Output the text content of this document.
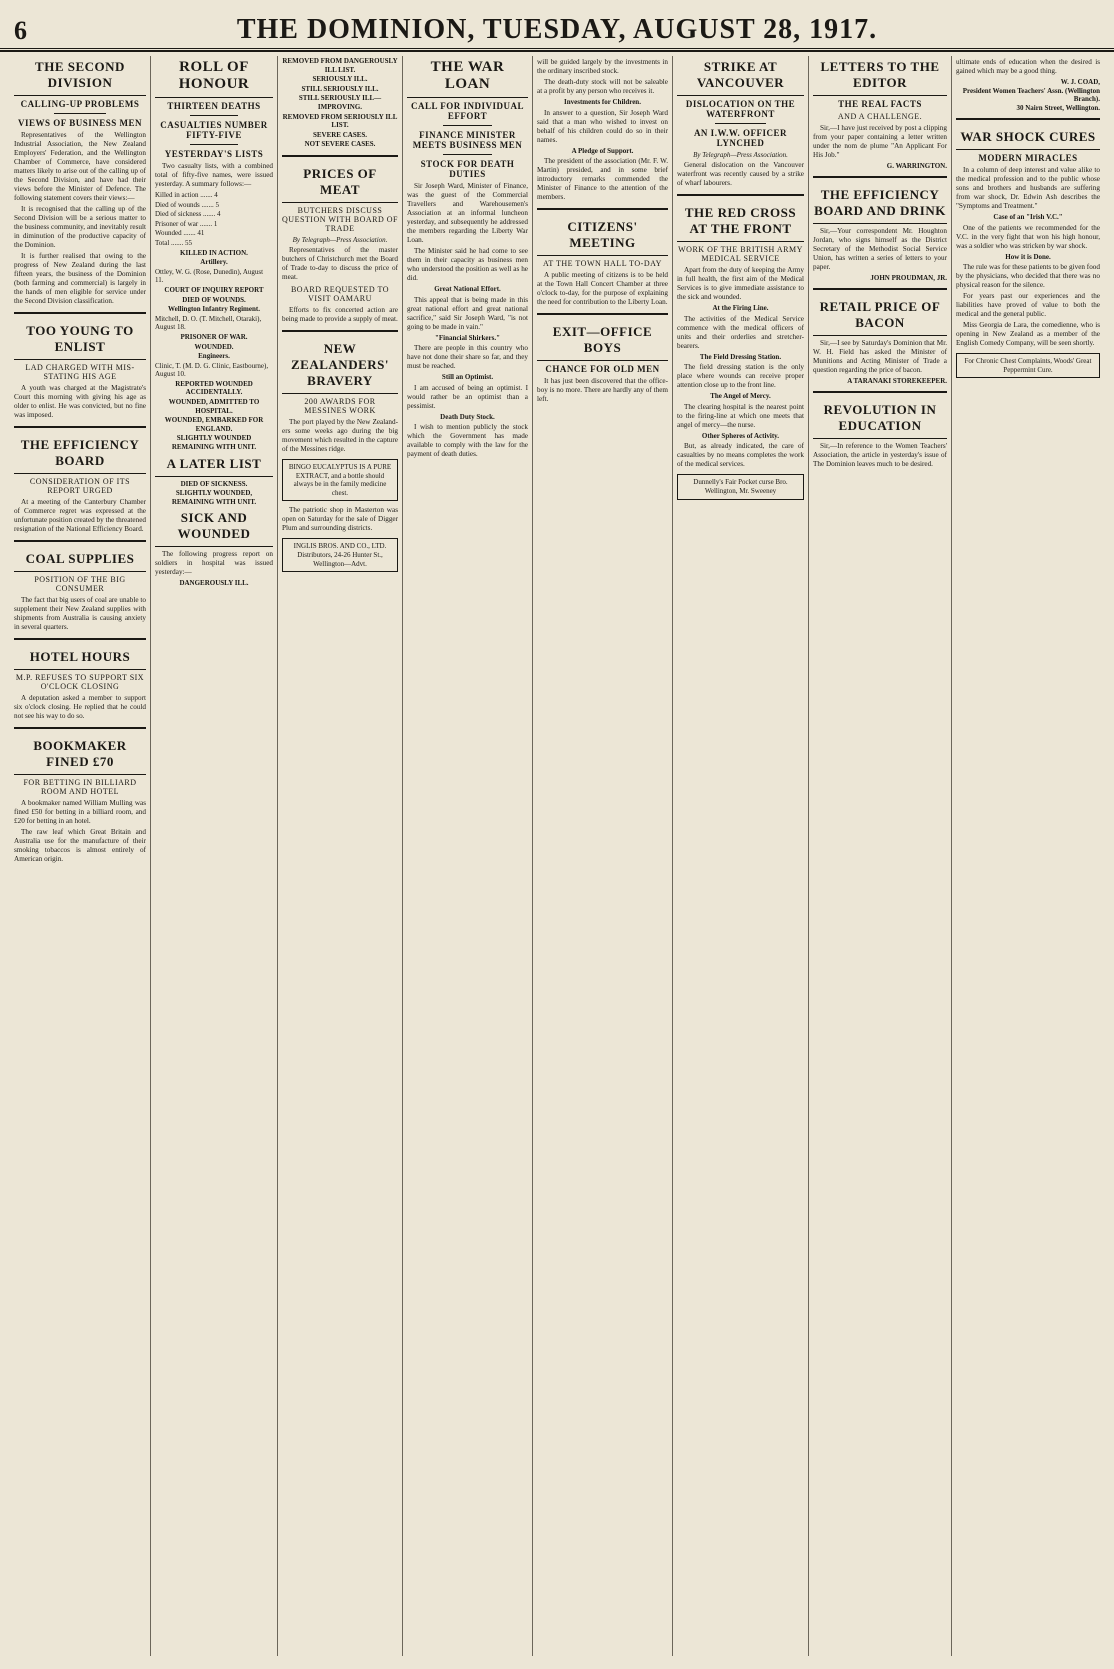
6	THE DOMINION, TUESDAY, AUGUST 28, 1917.
THE SECOND DIVISION
CALLING-UP PROBLEMS
VIEWS OF BUSINESS MEN
Representatives of the Wellington Industrial Association, the New Zealand Employers' Federation, and the Wellington Chamber of Commerce, have considered matters likely to arise out of the calling up of the Second Division, and have had their views before the Minister of Defence. The following statement covers their views:—
It is recognised that the calling up of the Second Division will be a serious matter to the business community, and inevitably result in diminution of the productive capacity of the Dominion.
It is further realised that owing to the progress of New Zealand during the last fifteen years, the business of the Dominion (both farming and commercial) is largely in the hands of men eligible for service under the Second Division classification.
TOO YOUNG TO ENLIST
LAD CHARGED WITH MIS-STATING HIS AGE
A youth was charged at the Magistrate's Court this morning with giving his age as older to enlist. He was convicted, but no fine was imposed.
THE EFFICIENCY BOARD
CONSIDERATION OF ITS REPORT URGED
At a meeting of the Canterbury Chamber of Commerce regret was expressed at the unfortunate position created by the threatened resignation of the National Efficiency Board.
COAL SUPPLIES
POSITION OF THE BIG CONSUMER
The fact that big users of coal are unable to supplement their New Zealand supplies with shipments from Australia is causing anxiety in several quarters.
HOTEL HOURS
M.P. REFUSES TO SUPPORT SIX O'CLOCK CLOSING
A deputation asked a member to support six o'clock closing. He replied that he could not see his way to do so.
BOOKMAKER FINED £70
FOR BETTING IN BILLIARD ROOM AND HOTEL
A bookmaker named William Mulling was fined £50 for betting in a billiard room, and £20 for betting in an hotel.
The raw leaf which Great Britain and Australia use for the manufacture of their smoking tobaccos is almost entirely of American origin.
ROLL OF HONOUR
THIRTEEN DEATHS
CASUALTIES NUMBER FIFTY-FIVE
YESTERDAY'S LISTS
Two casualty lists, with a combined total of fifty-five names, were issued yesterday. A summary follows:—
Killed in action ....... 4
Died of wounds ....... 5
Died of sickness ....... 4
Prisoner of war ....... 1
Wounded ....... 41
Total ....... 55
KILLED IN ACTION.
Artillery.
Ottley, W. G. (Rose, Dunedin), August 11.
COURT OF INQUIRY REPORT
DIED OF WOUNDS.
Wellington Infantry Regiment.
Mitchell, D. O. (T. Mitchell, Otaraki), August 18.
PRISONER OF WAR.
WOUNDED.
Engineers.
Clinic, T. (M. D. G. Clinic, Eastbourne), August 10.
REPORTED WOUNDED ACCIDENTALLY.
WOUNDED, ADMITTED TO HOSPITAL.
WOUNDED, EMBARKED FOR ENGLAND.
SLIGHTLY WOUNDED REMAINING WITH UNIT.
A LATER LIST
DIED OF SICKNESS.
SLIGHTLY WOUNDED, REMAINING WITH UNIT.
SICK AND WOUNDED
The following progress report on soldiers in hospital was issued yesterday:—
DANGEROUSLY ILL.
REMOVED FROM DANGEROUSLY ILL LIST.
SERIOUSLY ILL.
STILL SERIOUSLY ILL.
STILL SERIOUSLY ILL—IMPROVING.
REMOVED FROM SERIOUSLY ILL LIST.
SEVERE CASES.
NOT SEVERE CASES.
PRICES OF MEAT
BUTCHERS DISCUSS QUESTION WITH BOARD OF TRADE
By Telegraph—Press Association.
Representatives of the master butchers of Christchurch met the Board of Trade to-day to discuss the price of meat.
BOARD REQUESTED TO VISIT OAMARU
Efforts to fix concerted action are being made to provide a supply of meat.
NEW ZEALANDERS' BRAVERY
200 AWARDS FOR MESSINES WORK
The port played by the New Zealand-ers some weeks ago during the big movement which resulted in the capture of the Messines ridge.
BINGO EUCALYPTUS IS A PURE EXTRACT, and a bottle should always be in the family medicine chest.
The patriotic shop in Masterton was open on Saturday for the sale of Digger Plum and surrounding districts.
INGLIS BROS. AND CO., LTD. Distributors, 24-26 Hunter St., Wellington—Advt.
THE WAR LOAN
CALL FOR INDIVIDUAL EFFORT
FINANCE MINISTER MEETS BUSINESS MEN
STOCK FOR DEATH DUTIES
Sir Joseph Ward, Minister of Finance, was the guest of the Commercial Travellers and Warehousemen's Association at an informal luncheon yesterday, and subsequently he addressed the members regarding the Liberty War Loan.
The Minister said he had come to see them in their capacity as business men who understood the position as well as he did.
Great National Effort.
This appeal that is being made in this great national effort and great national sacrifice," said Sir Joseph Ward, "is not going to be made in vain."
"Financial Shirkers."
There are people in this country who have not done their share so far, and they must be reached.
Still an Optimist.
I am accused of being an optimist. I would rather be an optimist than a pessimist.
Death Duty Stock.
I wish to mention publicly the stock which the Government has made available to comply with the law for the payment of death duties.
will be guided largely by the investments in the ordinary inscribed stock.
The death-duty stock will not be saleable at a profit by any person who receives it.
Investments for Children.
In answer to a question, Sir Joseph Ward said that a man who wished to invest on behalf of his children could do so in their names.
A Pledge of Support.
The president of the association (Mr. F. W. Martin) presided, and in some brief introductory remarks commended the Minister of Finance to the attention of the members.
CITIZENS' MEETING
AT THE TOWN HALL TO-DAY
A public meeting of citizens is to be held at the Town Hall Concert Chamber at three o'clock to-day, for the purpose of explaining the need for contribution to the Liberty Loan.
EXIT—OFFICE BOYS
CHANCE FOR OLD MEN
It has just been discovered that the office-boy is no more. There are hardly any of them left.
STRIKE AT VANCOUVER
DISLOCATION ON THE WATERFRONT
AN I.W.W. OFFICER LYNCHED
By Telegraph—Press Association.
General dislocation on the Vancouver waterfront was recently caused by a strike of wharf labourers.
THE RED CROSS AT THE FRONT
WORK OF THE BRITISH ARMY MEDICAL SERVICE
Apart from the duty of keeping the Army in full health, the first aim of the Medical Services is to give immediate assistance to the sick and wounded.
At the Firing Line.
The activities of the Medical Service commence with the medical officers of units and their orderlies and stretcher-bearers.
The Field Dressing Station.
The field dressing station is the only place where wounds can receive proper attention close up to the front line.
The Angel of Mercy.
The clearing hospital is the nearest point to the firing-line at which one meets that angel of mercy—the nurse.
Other Spheres of Activity.
But, as already indicated, the care of casualties by no means completes the work of the medical services.
Dunnelly's Fair Pocket curse Bro. Wellington, Mr. Sweeney
LETTERS TO THE EDITOR
THE REAL FACTS
AND A CHALLENGE.
Sir,—I have just received by post a clipping from your paper containing a letter written under the nom de plume "An Applicant For His Job."
G. WARRINGTON.
THE EFFICIENCY BOARD AND DRINK
Sir,—Your correspondent Mr. Houghton Jordan, who signs himself as the District Secretary of the Methodist Social Service Union, has written a series of letters to your paper.
JOHN PROUDMAN, JR.
RETAIL PRICE OF BACON
Sir,—I see by Saturday's Dominion that Mr. W. H. Field has asked the Minister of Munitions and Acting Minister of Trade a question regarding the price of bacon.
A TARANAKI STOREKEEPER.
REVOLUTION IN EDUCATION
Sir,—In reference to the Women Teachers' Association, the article in yesterday's issue of The Dominion leaves much to be desired.
ultimate ends of education when the desired is gained which may be a good thing.
W. J. COAD,
President Women Teachers' Assn. (Wellington Branch).
30 Nairn Street, Wellington.
WAR SHOCK CURES
MODERN MIRACLES
In a column of deep interest and value alike to the medical profession and to the public whose sons and brothers and husbands are suffering from war shock, Dr. Edwin Ash describes the "Symptoms and Treatment."
Case of an "Irish V.C."
One of the patients we recommended for the V.C. in the very fight that won his high honour, was a soldier who was stricken by war shock.
How it is Done.
The rule was for these patients to be given food by the physicians, who decided that there was no physical reason for the silence.
For years past our experiences and the liabilities have proved of value to both the medical and the general public.
Miss Georgia de Lara, the comedienne, who is opening in New Zealand as a member of the English Comedy Company, will be seen shortly.
For Chronic Chest Complaints, Woods' Great Peppermint Cure.
